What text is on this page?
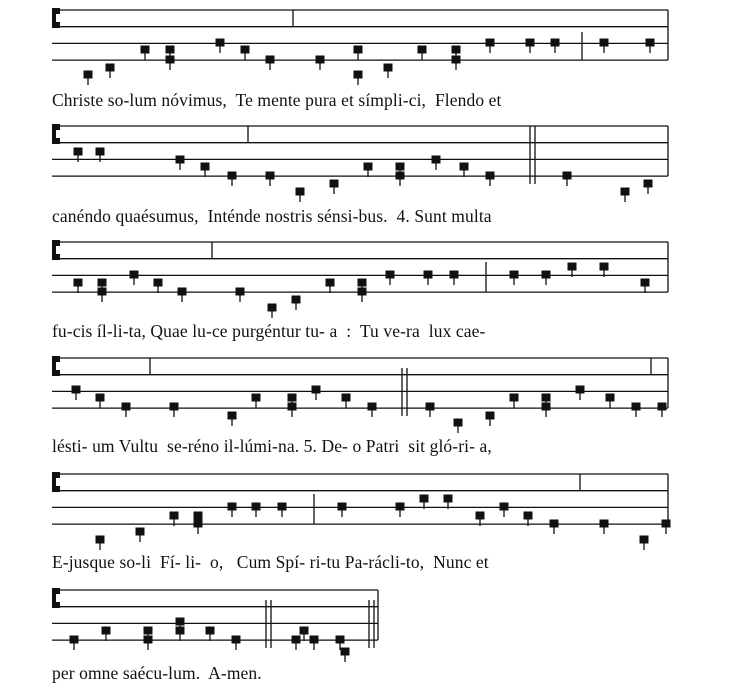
Christe so-lum nóvimus,  Te mente pura et símpli-ci,  Flendo et
canéndo quaésumus,  Inténde nostris sénsi-bus.  4. Sunt multa
fu-cis íl-li-ta, Quae lu-ce purgéntur tu- a  :  Tu ve-ra  lux cae-
lésti- um Vultu  se-réno il-lúmi-na. 5. De- o Patri  sit gló-ri- a,
E-jusque so-li  Fí- li-  o,   Cum Spí- ri-tu Pa-rácli-to,  Nunc et
per omne saécu-lum.  A-men.
